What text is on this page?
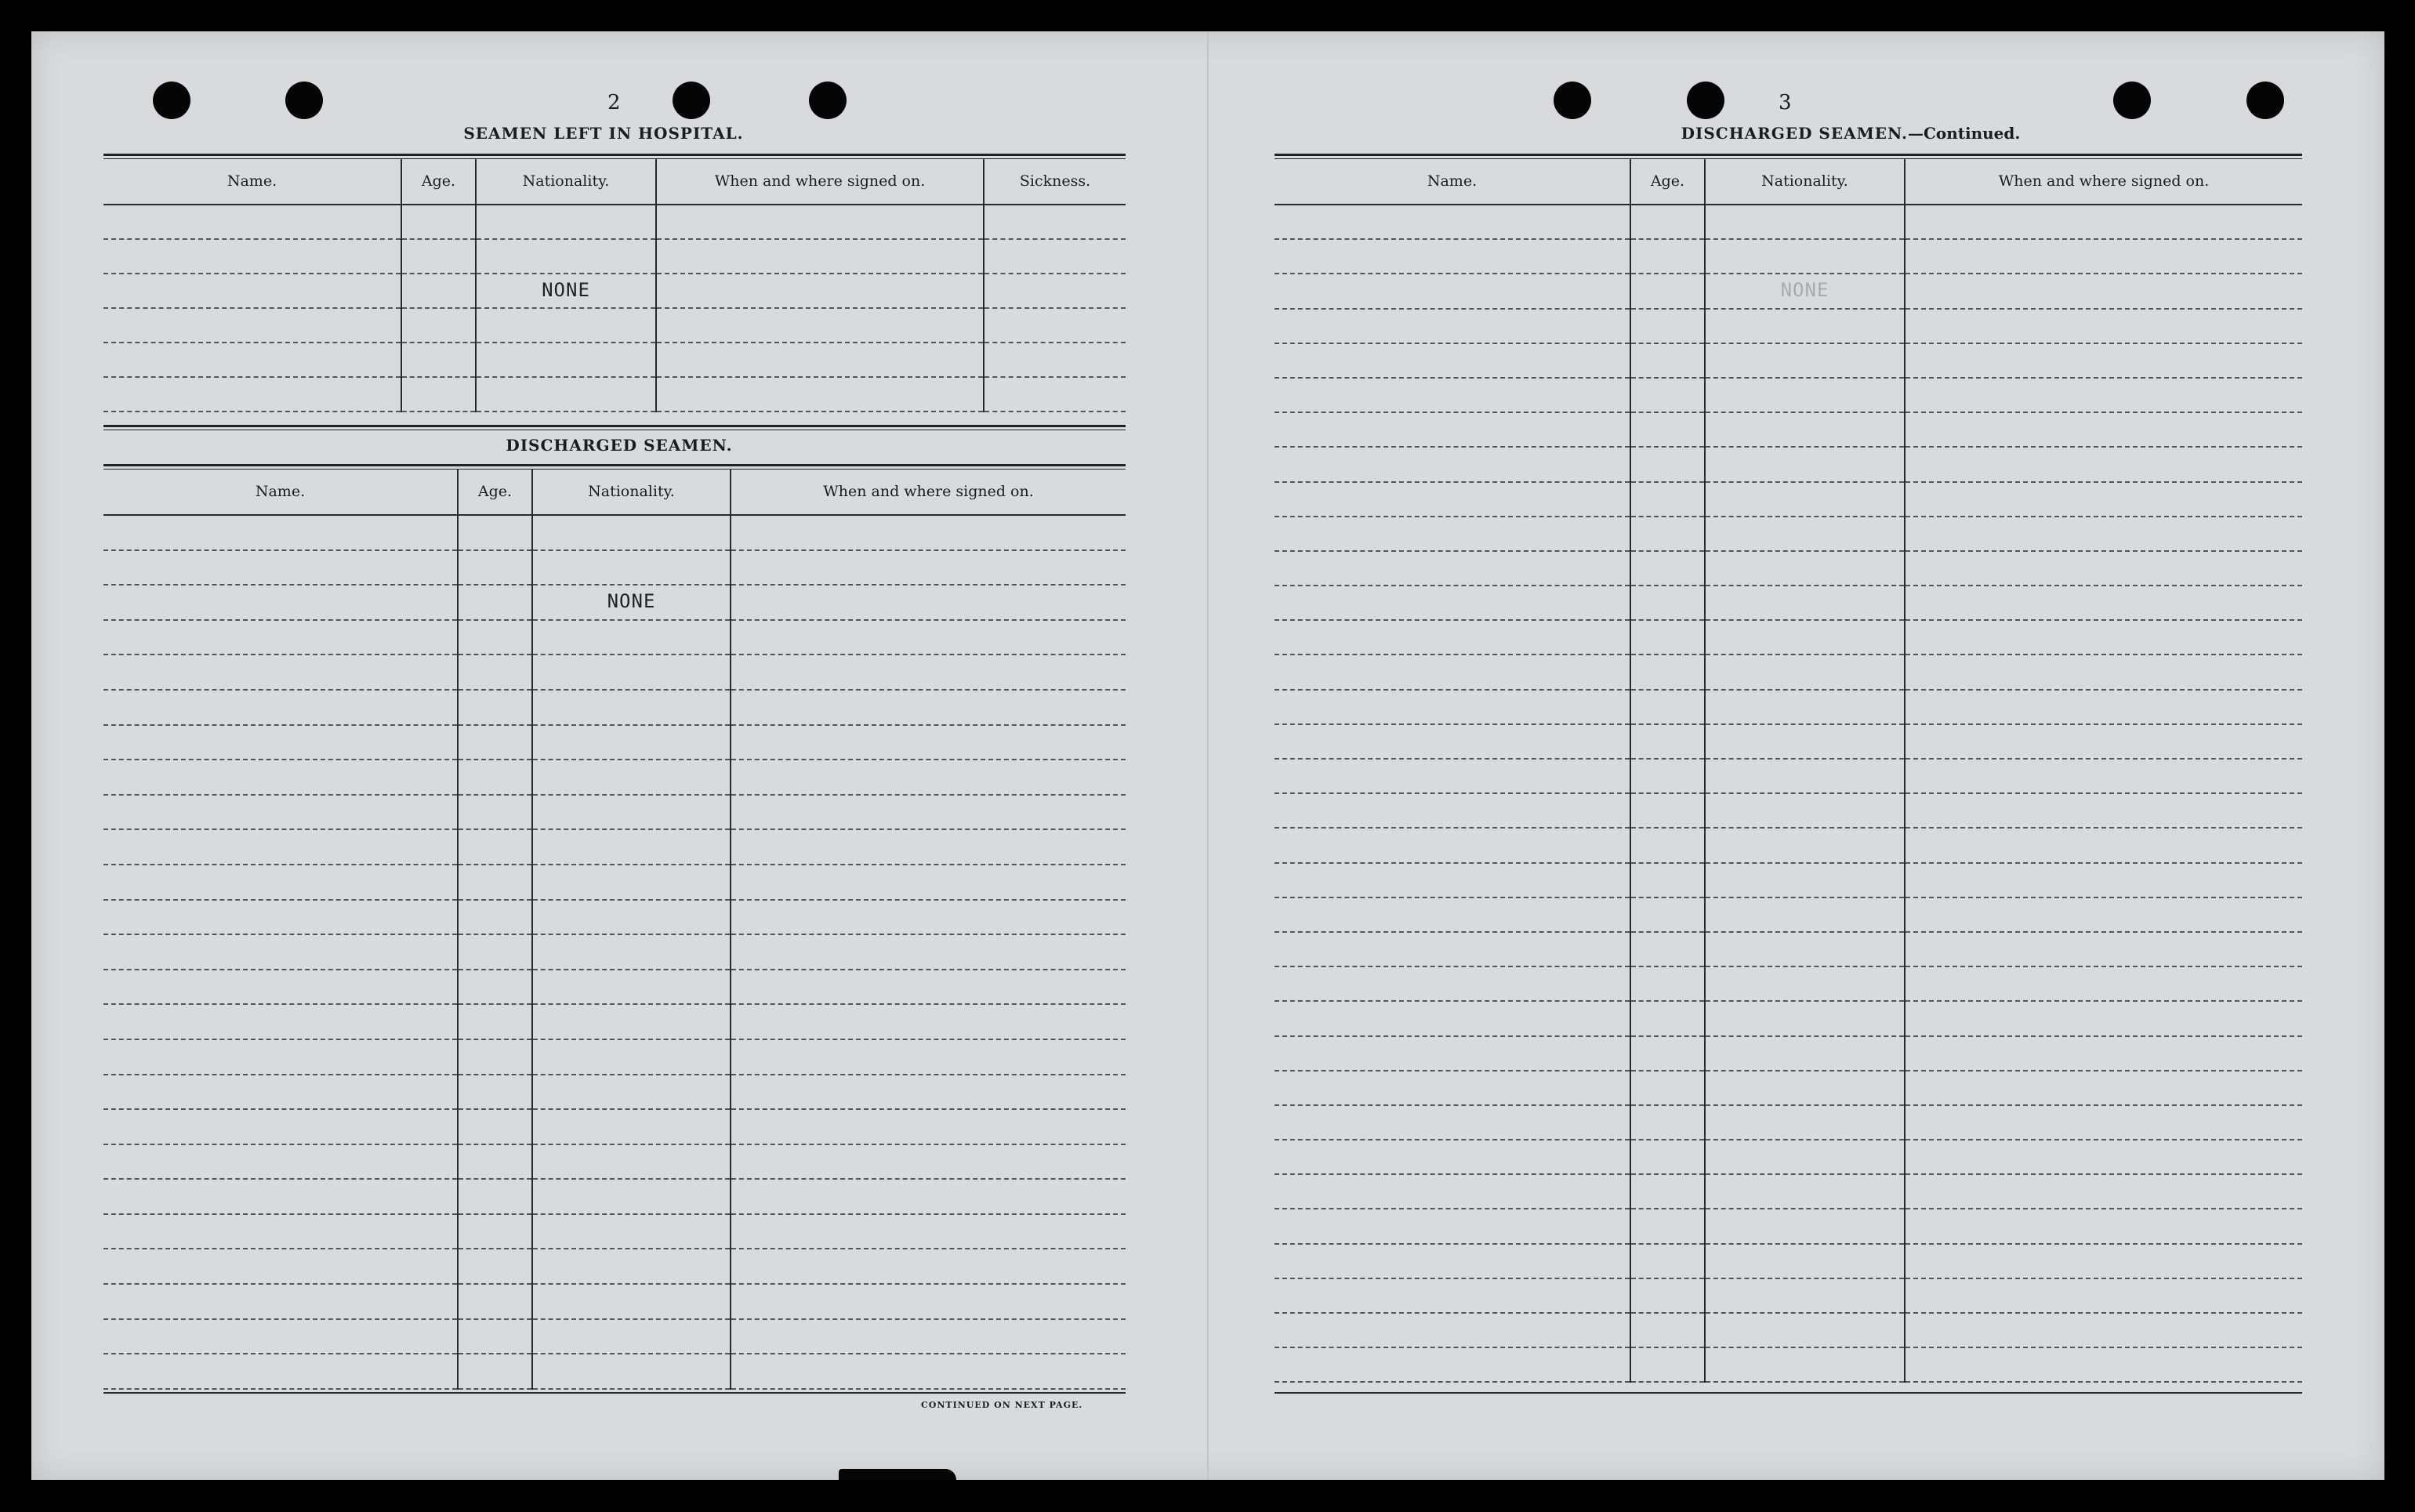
2
SEAMEN LEFT IN HOSPITAL.
Name.	Age.	Nationality.	When and where signed on.	Sickness.

		NONE		

DISCHARGED SEAMEN.
Name.	Age.	Nationality.	When and where signed on.

		NONE	

CONTINUED ON NEXT PAGE.
3
DISCHARGED SEAMEN.—Continued.
Name.	Age.	Nationality.	When and where signed on.

		NONE	
